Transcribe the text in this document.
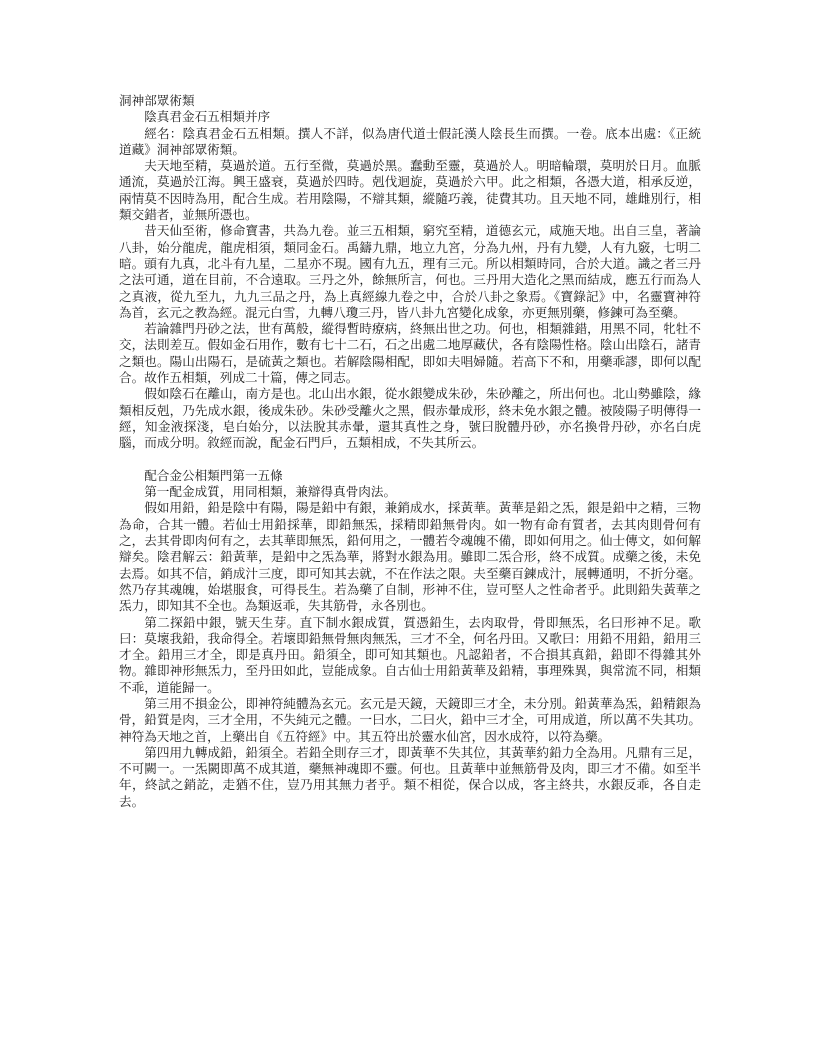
洞神部眾術類

陰真君金石五相類并序

經名：陰真君金石五相類。撰人不詳，似為唐代道士假託漢人陰長生而撰。一卷。底本出處：《正統道藏》洞神部眾術類。

夫天地至精，莫過於道。五行至微，莫過於黑。蠢動至靈，莫過於人。明暗輪環，莫明於日月。血脈通流，莫過於江海。興王盛衰，莫過於四時。剋伐迴旋，莫過於六甲。此之相類，各憑大道，相承反逆，兩情莫不因時為用，配合生成。若用陰陽，不辯其類，縱隨巧義，徒費其功。且天地不同，雄雌別行，相類交錯者，並無所憑也。

昔天仙至術，修命寶書，共為九卷。並三五相類，窮究至精，道德玄元，咸施天地。出自三皇，著論八卦，始分龍虎，龍虎相須，類同金石。禹鑄九鼎，地立九宮，分為九州，丹有九變，人有九竅，七明二暗。頭有九真，北斗有九星，二星亦不現。國有九五，理有三元。所以相類時同，合於大道。識之者三丹之法可通，道在目前，不合遠取。三丹之外，餘無所言，何也。三丹用大造化之黑而結成，應五行而為人之真液，從九至九，九九三品之丹，為上真經線九卷之中，合於八卦之象焉。《寶錄記》中，名靈寶神符為首，玄元之教為經。混元白雪，九轉八瓊三丹，皆八卦九宮變化成象，亦更無別藥，修鍊可為至藥。

若論雜門丹砂之法，世有萬般，縱得暫時療病，終無出世之功。何也，相類雜錯，用黑不同，牝牡不交，法則差互。假如金石用作，數有七十二石，石之出處二地厚藏伏，各有陰陽性格。陰山出陰石，諸青之類也。陽山出陽石，是硫黃之類也。若解陰陽相配，即如夫唱婦隨。若高下不和，用藥乖謬，即何以配合。故作五相類，列成二十篇，傳之同志。

假如陰石在離山，南方是也。北山出水銀，從水銀變成朱砂，朱砂離之，所出何也。北山勢雖陰，緣類相反剋，乃先成水銀，後成朱砂。朱砂受離火之黑，假赤暈成形，終未免水銀之體。被陵陽子明傳得一經，知金液探淺，皂白始分，以法脫其赤暈，還其真性之身，號曰脫體丹砂，亦名換骨丹砂，亦名白虎腦，而成分明。敘經而說，配金石門戶，五類相成，不失其所云。

配合金公相類門第一五條

第一配金成質，用同相類，兼辯得真骨肉法。

假如用鉛，鉛是陰中有陽，陽是鉛中有銀，兼銷成水，採黃華。黃華是鉛之炁，銀是鉛中之精，三物為命，合其一體。若仙士用鉛採華，即鉛無炁，採精即鉛無骨肉。如一物有命有質者，去其肉則骨何有之，去其骨即肉何有之，去其華即無炁，鉛何用之，一體若令魂魄不備，即如何用之。仙士傳文，如何解辯矣。陰君解云：鉛黃華，是鉛中之炁為華，將對水銀為用。雖即二炁合形，終不成質。成藥之後，未免去焉。如其不信，銷成汁三度，即可知其去就，不在作法之限。夫至藥百鍊成汁，展轉通明，不折分毫。然乃存其魂魄，始堪服食，可得長生。若為藥了自制，形神不住，豈可堅人之性命者乎。此則鉛失黃華之炁力，即知其不全也。為類返乖，失其筋骨，永各別也。

第二探鉛中銀，號天生芽。直下制水銀成質，質憑鉛生，去肉取骨，骨即無炁，名曰形神不足。歌曰：莫壞我鉛，我命得全。若壞即鉛無骨無肉無炁，三才不全，何名丹田。又歌曰：用鉛不用鉛，鉛用三才全。鉛用三才全，即是真丹田。鉛須全，即可知其類也。凡認鉛者，不合損其真鉛，鉛即不得雜其外物。雜即神形無炁力，至丹田如此，豈能成象。自古仙士用鉛黃華及鉛精，事理殊異，與常流不同，相類不乖，道能歸一。

第三用不損金公，即神符純體為玄元。玄元是天鏡，天鏡即三才全，未分別。鉛黃華為炁，鉛精銀為骨，鉛質是肉，三才全用，不失純元之體。一曰水，二曰火，鉛中三才全，可用成道，所以萬不失其功。神符為天地之首，上藥出自《五符經》中。其五符出於靈水仙宮，因水成符，以符為藥。

第四用九轉成鉛，鉛須全。若鉛全則存三才，即黃華不失其位，其黃華約鉛力全為用。凡鼎有三足，不可闕一。一炁闕即萬不成其道，藥無神魂即不靈。何也。且黃華中並無筋骨及肉，即三才不備。如至半年，終試之銷訖，走猶不住，豈乃用其無力者乎。類不相從，保合以成，客主終共，水銀反乖，各自走去。
